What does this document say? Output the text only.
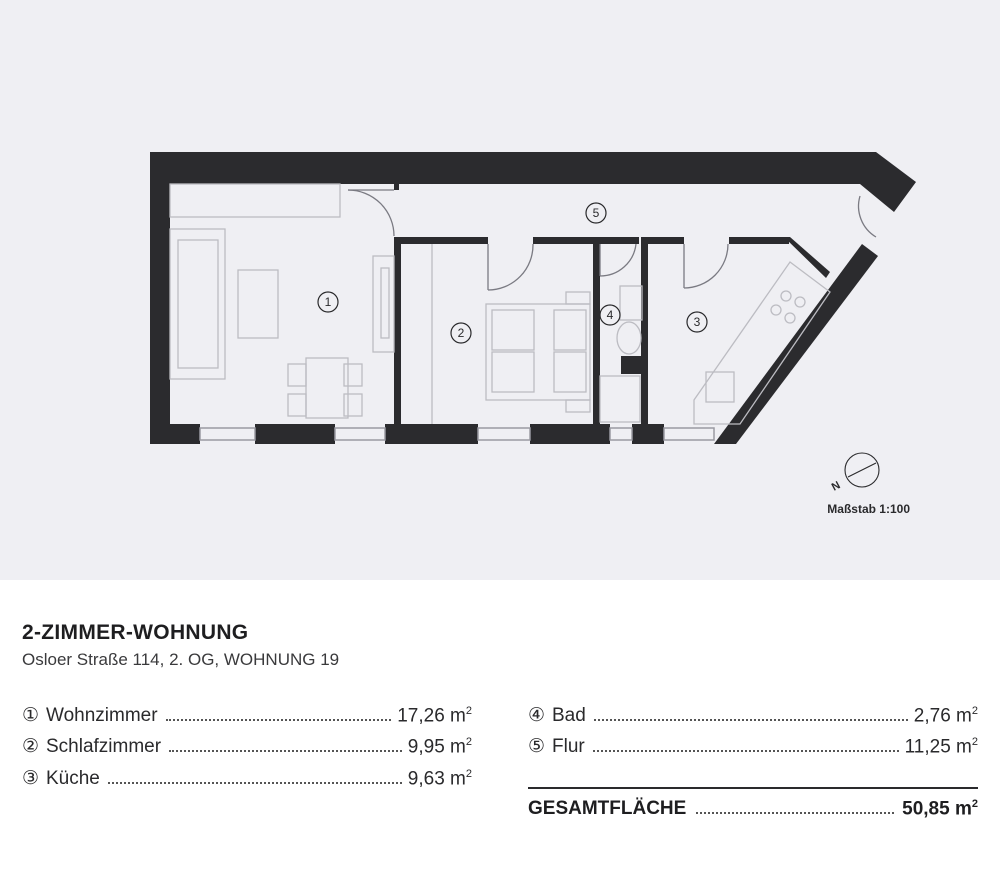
1
2
3
4
5
N
Maßstab 1:100
2-ZIMMER-WOHNUNG
Osloer Straße 114, 2. OG, WOHNUNG 19
① Wohnzimmer	17,26 $m^2$
② Schlafzimmer	9,95 $m^2$
③ Küche	9,63 $m^2$
④ Bad	2,76 $m^2$
⑤ Flur	11,25 $m^2$
GESAMTFLÄCHE	50,85 $m^2$
